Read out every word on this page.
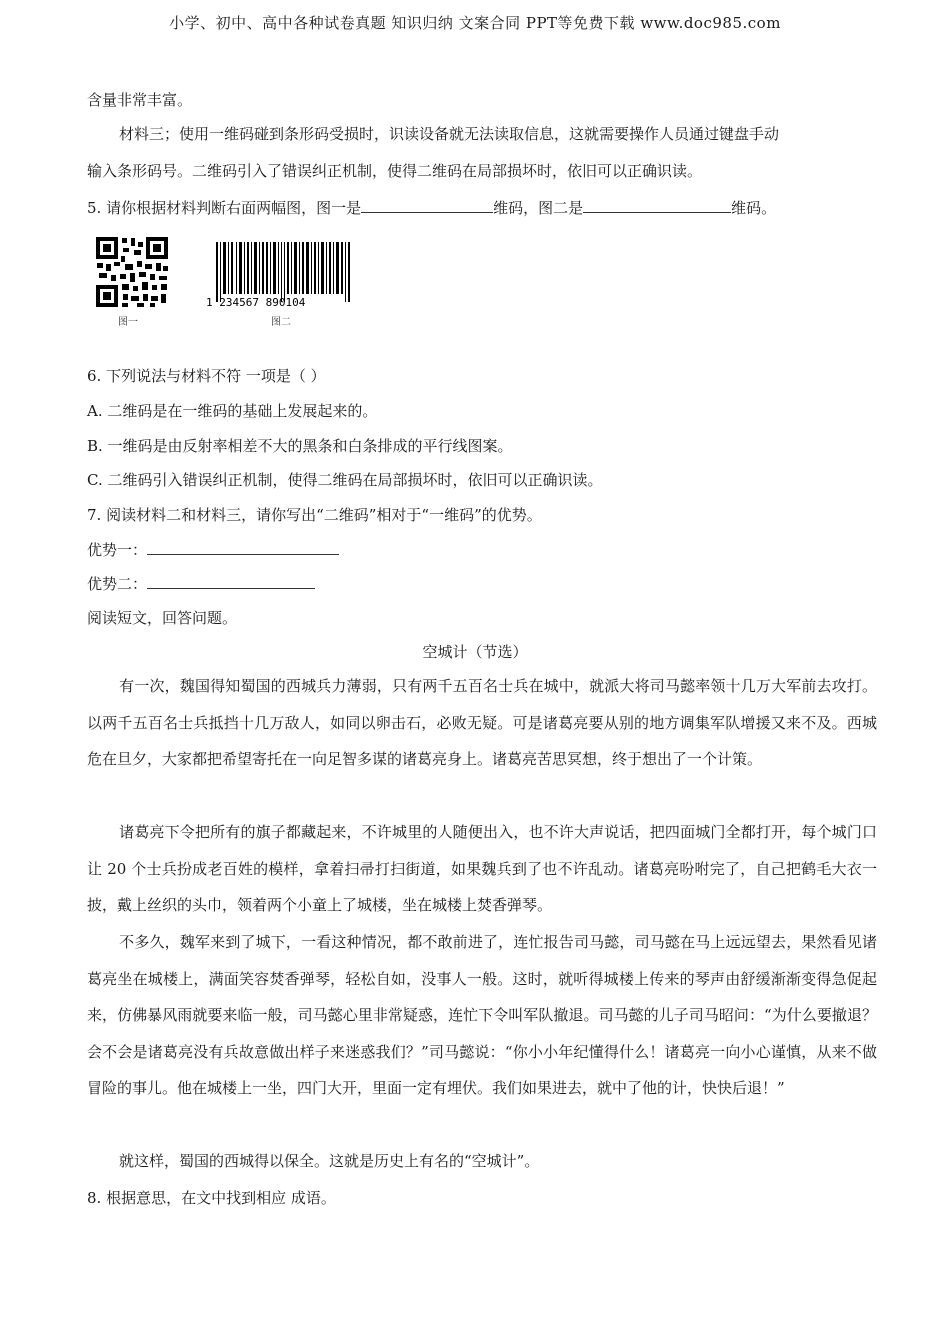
小学、初中、高中各种试卷真题 知识归纳 文案合同 PPT等免费下载 www.doc985.com
含量非常丰富。
材料三；使用一维码碰到条形码受损时，识读设备就无法读取信息，这就需要操作人员通过键盘手动
输入条形码号。二维码引入了错误纠正机制，使得二维码在局部损坏时，依旧可以正确识读。
5. 请你根据材料判断右面两幅图，图一是	维码，图二是	维码。
图一
1 234567 890104
图二
6. 下列说法与材料不符 一项是（ ）
A. 二维码是在一维码的基础上发展起来的。
B. 一维码是由反射率相差不大的黑条和白条排成的平行线图案。
C. 二维码引入错误纠正机制，使得二维码在局部损坏时，依旧可以正确识读。
7. 阅读材料二和材料三，请你写出“二维码”相对于“一维码”的优势。
优势一：
优势二：
阅读短文，回答问题。
空城计（节选）
有一次，魏国得知蜀国的西城兵力薄弱，只有两千五百名士兵在城中，就派大将司马懿率领十几万大军前去攻打。以两千五百名士兵抵挡十几万敌人，如同以卵击石，必败无疑。可是诸葛亮要从别的地方调集军队增援又来不及。西城危在旦夕，大家都把希望寄托在一向足智多谋的诸葛亮身上。诸葛亮苦思冥想，终于想出了一个计策。
诸葛亮下令把所有的旗子都藏起来，不许城里的人随便出入，也不许大声说话，把四面城门全都打开，每个城门口让 20 个士兵扮成老百姓的模样，拿着扫帚打扫街道，如果魏兵到了也不许乱动。诸葛亮吩咐完了，自己把鹤毛大衣一披，戴上丝织的头巾，领着两个小童上了城楼，坐在城楼上焚香弹琴。
不多久，魏军来到了城下，一看这种情况，都不敢前进了，连忙报告司马懿，司马懿在马上远远望去，果然看见诸葛亮坐在城楼上，满面笑容焚香弹琴，轻松自如，没事人一般。这时，就听得城楼上传来的琴声由舒缓渐渐变得急促起来，仿佛暴风雨就要来临一般，司马懿心里非常疑惑，连忙下令叫军队撤退。司马懿的儿子司马昭问：“为什么要撤退？会不会是诸葛亮没有兵故意做出样子来迷惑我们？”司马懿说：“你小小年纪懂得什么！诸葛亮一向小心谨慎，从来不做冒险的事儿。他在城楼上一坐，四门大开，里面一定有埋伏。我们如果进去，就中了他的计，快快后退！”
就这样，蜀国的西城得以保全。这就是历史上有名的“空城计”。
8. 根据意思，在文中找到相应 成语。
